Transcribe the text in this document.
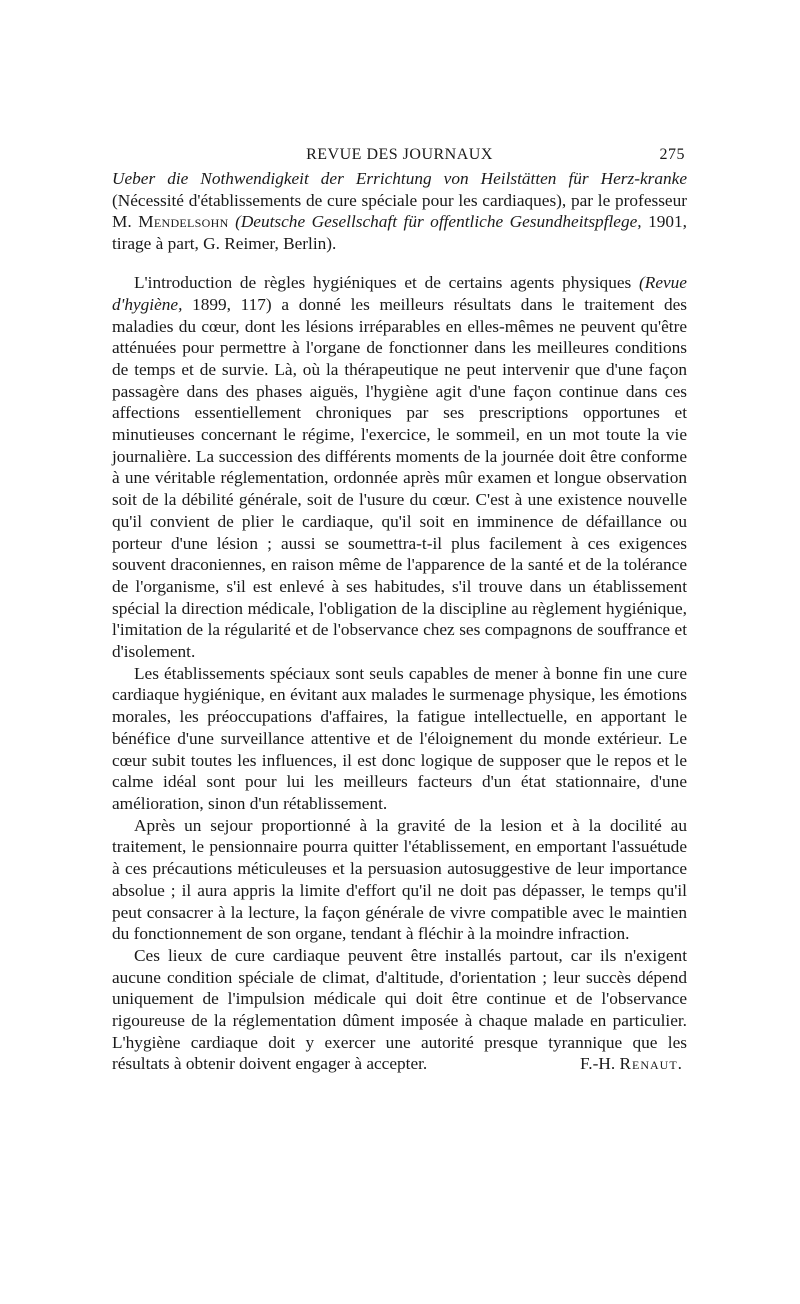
REVUE DES JOURNAUX	275

Ueber die Nothwendigkeit der Errichtung von Heilstätten für Herz-kranke (Nécessité d'établissements de cure spéciale pour les cardiaques), par le professeur M. Mendelsohn (Deutsche Gesellschaft für offentliche Gesundheitspflege, 1901, tirage à part, G. Reimer, Berlin).

L'introduction de règles hygiéniques et de certains agents physiques (Revue d'hygiène, 1899, 117) a donné les meilleurs résultats dans le traitement des maladies du cœur, dont les lésions irréparables en elles-mêmes ne peuvent qu'être atténuées pour permettre à l'organe de fonctionner dans les meilleures conditions de temps et de survie. Là, où la thérapeutique ne peut intervenir que d'une façon passagère dans des phases aiguës, l'hygiène agit d'une façon continue dans ces affections essentiellement chroniques par ses prescriptions opportunes et minutieuses concernant le régime, l'exercice, le sommeil, en un mot toute la vie journalière. La succession des différents moments de la journée doit être conforme à une véritable réglementation, ordonnée après mûr examen et longue observation soit de la débilité générale, soit de l'usure du cœur. C'est à une existence nouvelle qu'il convient de plier le cardiaque, qu'il soit en imminence de défaillance ou porteur d'une lésion ; aussi se soumettra-t-il plus facilement à ces exigences souvent draconiennes, en raison même de l'apparence de la santé et de la tolérance de l'organisme, s'il est enlevé à ses habitudes, s'il trouve dans un établissement spécial la direction médicale, l'obligation de la discipline au règlement hygiénique, l'imitation de la régularité et de l'observance chez ses compagnons de souffrance et d'isolement.

Les établissements spéciaux sont seuls capables de mener à bonne fin une cure cardiaque hygiénique, en évitant aux malades le surmenage physique, les émotions morales, les préoccupations d'affaires, la fatigue intellectuelle, en apportant le bénéfice d'une surveillance attentive et de l'éloignement du monde extérieur. Le cœur subit toutes les influences, il est donc logique de supposer que le repos et le calme idéal sont pour lui les meilleurs facteurs d'un état stationnaire, d'une amélioration, sinon d'un rétablissement.

Après un sejour proportionné à la gravité de la lesion et à la docilité au traitement, le pensionnaire pourra quitter l'établissement, en emportant l'assuétude à ces précautions méticuleuses et la persuasion autosuggestive de leur importance absolue ; il aura appris la limite d'effort qu'il ne doit pas dépasser, le temps qu'il peut consacrer à la lecture, la façon générale de vivre compatible avec le maintien du fonctionnement de son organe, tendant à fléchir à la moindre infraction.

Ces lieux de cure cardiaque peuvent être installés partout, car ils n'exigent aucune condition spéciale de climat, d'altitude, d'orientation ; leur succès dépend uniquement de l'impulsion médicale qui doit être continue et de l'observance rigoureuse de la réglementation dûment imposée à chaque malade en particulier. L'hygiène cardiaque doit y exercer une autorité presque tyrannique que les résultats à obtenir doivent engager à accepter.	F.-H. Renaut.
